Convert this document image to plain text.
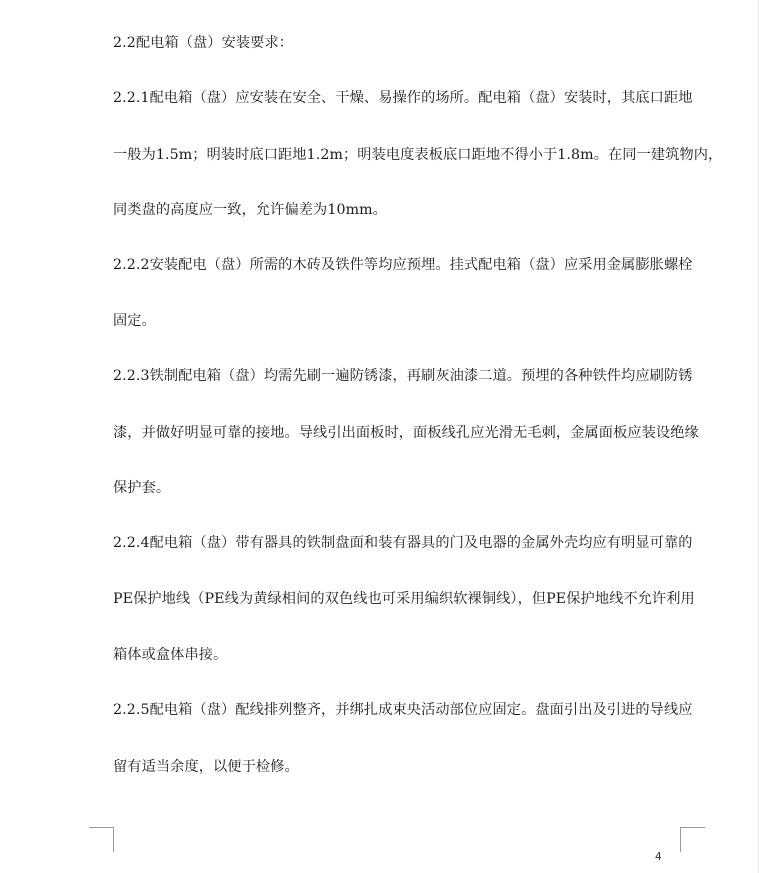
2.2配电箱（盘）安装要求：
2.2.1配电箱（盘）应安装在安全、干燥、易操作的场所。配电箱（盘）安装时，其底口距地
一般为1.5m；明装时底口距地1.2m；明装电度表板底口距地不得小于1.8m。在同一建筑物内，
同类盘的高度应一致，允许偏差为10mm。
2.2.2安装配电（盘）所需的木砖及铁件等均应预埋。挂式配电箱（盘）应采用金属膨胀螺栓
固定。
2.2.3铁制配电箱（盘）均需先刷一遍防锈漆，再刷灰油漆二道。预埋的各种铁件均应刷防锈
漆，并做好明显可靠的接地。导线引出面板时，面板线孔应光滑无毛刺，金属面板应装设绝缘
保护套。
2.2.4配电箱（盘）带有器具的铁制盘面和装有器具的门及电器的金属外壳均应有明显可靠的
PE保护地线（PE线为黄绿相间的双色线也可采用编织软裸铜线），但PE保护地线不允许利用
箱体或盒体串接。
2.2.5配电箱（盘）配线排列整齐，并绑扎成束央活动部位应固定。盘面引出及引进的导线应
留有适当余度，以便于检修。
4
